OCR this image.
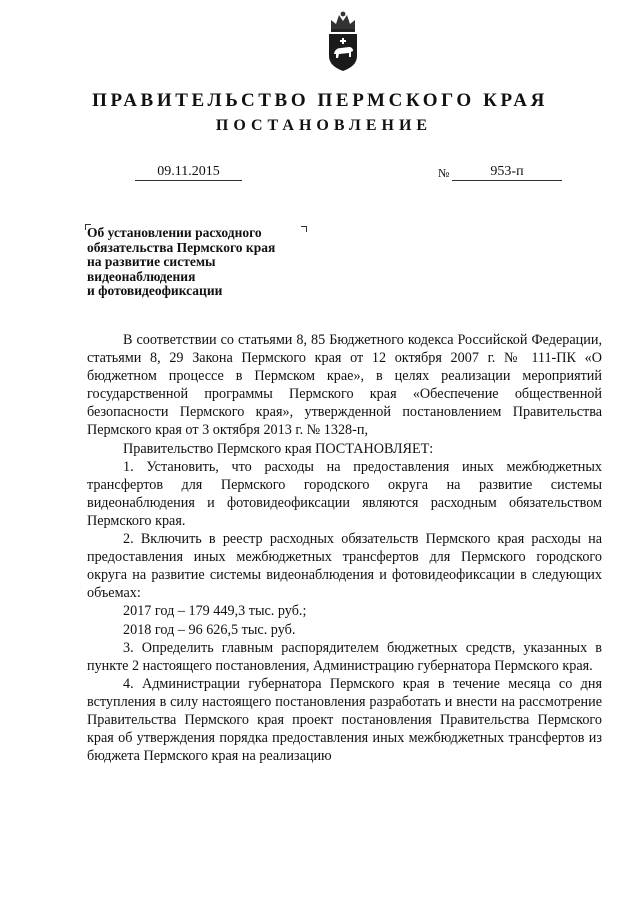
ПРАВИТЕЛЬСТВО ПЕРМСКОГО КРАЯ
ПОСТАНОВЛЕНИЕ
09.11.2015	№	953-п
Об установлении расходного
обязательства Пермского края
на развитие системы
видеонаблюдения
и фотовидеофиксации

В соответствии со статьями 8, 85 Бюджетного кодекса Российской Федерации, статьями 8, 29 Закона Пермского края от 12 октября 2007 г. № 111-ПК «О бюджетном процессе в Пермском крае», в целях реализации мероприятий государственной программы Пермского края «Обеспечение общественной безопасности Пермского края», утвержденной постановлением Правительства Пермского края от 3 октября 2013 г. № 1328-п,

Правительство Пермского края ПОСТАНОВЛЯЕТ:

1. Установить, что расходы на предоставления иных межбюджетных трансфертов для Пермского городского округа на развитие системы видеонаблюдения и фотовидеофиксации являются расходным обязательством Пермского края.

2. Включить в реестр расходных обязательств Пермского края расходы на предоставления иных межбюджетных трансфертов для Пермского городского округа на развитие системы видеонаблюдения и фотовидеофиксации в следующих объемах:

2017 год – 179 449,3 тыс. руб.;

2018 год – 96 626,5 тыс. руб.

3. Определить главным распорядителем бюджетных средств, указанных в пункте 2 настоящего постановления, Администрацию губернатора Пермского края.

4. Администрации губернатора Пермского края в течение месяца со дня вступления в силу настоящего постановления разработать и внести на рассмотрение Правительства Пермского края проект постановления Правительства Пермского края об утверждения порядка предоставления иных межбюджетных трансфертов из бюджета Пермского края на реализацию
